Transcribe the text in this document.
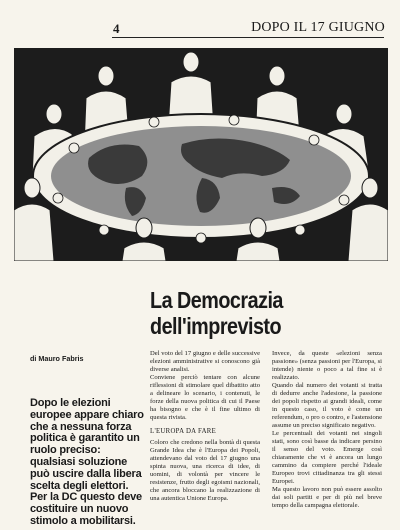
4	DOPO IL 17 GIUGNO
La Democrazia
dell'imprevisto
di Mauro Fabris

Dopo le elezioni europee appare chiaro che a nessuna forza politica è garantito un ruolo preciso: qualsiasi soluzione può uscire dalla libera scelta degli elettori.

Per la DC questo deve costituire un nuovo stimolo a mobilitarsi.

Del voto del 17 giugno e delle successive elezioni amministrative si conoscono già diverse analisi.

Conviene perciò tentare con alcune riflessioni di stimolare quel dibattito atto a delineare lo scenario, i contenuti, le forze della nuova politica di cui il Paese ha bisogno e che è il fine ultimo di questa rivista.

L'EUROPA DA FARE

Coloro che credono nella bontà di questa Grande Idea che è l'Europa dei Popoli, attendevano dal voto del 17 giugno una spinta nuova, una ricerca di idee, di uomini, di volontà per vincere le resistenze, frutto degli egoismi nazionali, che ancora bloccano la realizzazione di una autentica Unione Europa.

Invece, da queste «elezioni senza passione» (senza passioni per l'Europa, si intende) niente o poco a tal fine si è realizzato.

Quando dal numero dei votanti si tratta di dedurre anche l'adesione, la passione dei popoli rispetto ai grandi ideali, come in questo caso, il voto è come un referendum, o pro o contro, e l'astensione assume un preciso significato negativo.

Le percentuali dei votanti nei singoli stati, sono così basse da indicare persino il senso del voto. Emerge così chiaramente che vi è ancora un lungo cammino da compiere perché l'ideale Europeo trovi cittadinanza tra gli stessi Europei.

Ma questo lavoro non può essere assolto dai soli partiti e per di più nel breve tempo della campagna elettorale.
